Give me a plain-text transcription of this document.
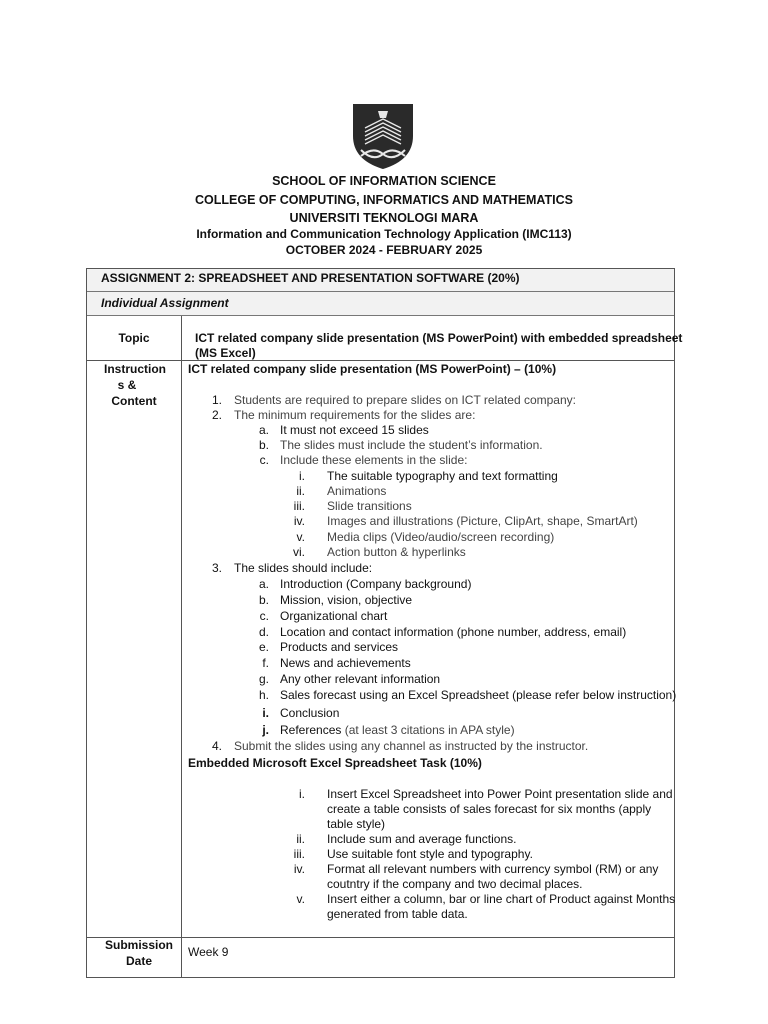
SCHOOL OF INFORMATION SCIENCE
COLLEGE OF COMPUTING, INFORMATICS AND MATHEMATICS
UNIVERSITI TEKNOLOGI MARA
Information and Communication Technology Application (IMC113)
OCTOBER 2024 - FEBRUARY 2025
ASSIGNMENT 2: SPREADSHEET AND PRESENTATION SOFTWARE (20%)
Individual Assignment
Topic	ICT related company slide presentation (MS PowerPoint) with embedded spreadsheet
(MS Excel)
Instruction
s &
Content
ICT related company slide presentation (MS PowerPoint) – (10%)
1. Students are required to prepare slides on ICT related company:
2. The minimum requirements for the slides are:
a. It must not exceed 15 slides
b. The slides must include the student’s information.
c. Include these elements in the slide:
i. The suitable typography and text formatting
ii. Animations
iii. Slide transitions
iv. Images and illustrations (Picture, ClipArt, shape, SmartArt)
v. Media clips (Video/audio/screen recording)
vi. Action button & hyperlinks
3. The slides should include:
a. Introduction (Company background)
b. Mission, vision, objective
c. Organizational chart
d. Location and contact information (phone number, address, email)
e. Products and services
f. News and achievements
g. Any other relevant information
h. Sales forecast using an Excel Spreadsheet (please refer below instruction)
i. Conclusion
j. References (at least 3 citations in APA style)
4. Submit the slides using any channel as instructed by the instructor.
Embedded Microsoft Excel Spreadsheet Task (10%)
i. Insert Excel Spreadsheet into Power Point presentation slide and
create a table consists of sales forecast for six months (apply
table style)
ii. Include sum and average functions.
iii. Use suitable font style and typography.
iv. Format all relevant numbers with currency symbol (RM) or any
coutntry if the company and two decimal places.
v. Insert either a column, bar or line chart of Product against Months
generated from table data.
Submission
Date
Week 9
